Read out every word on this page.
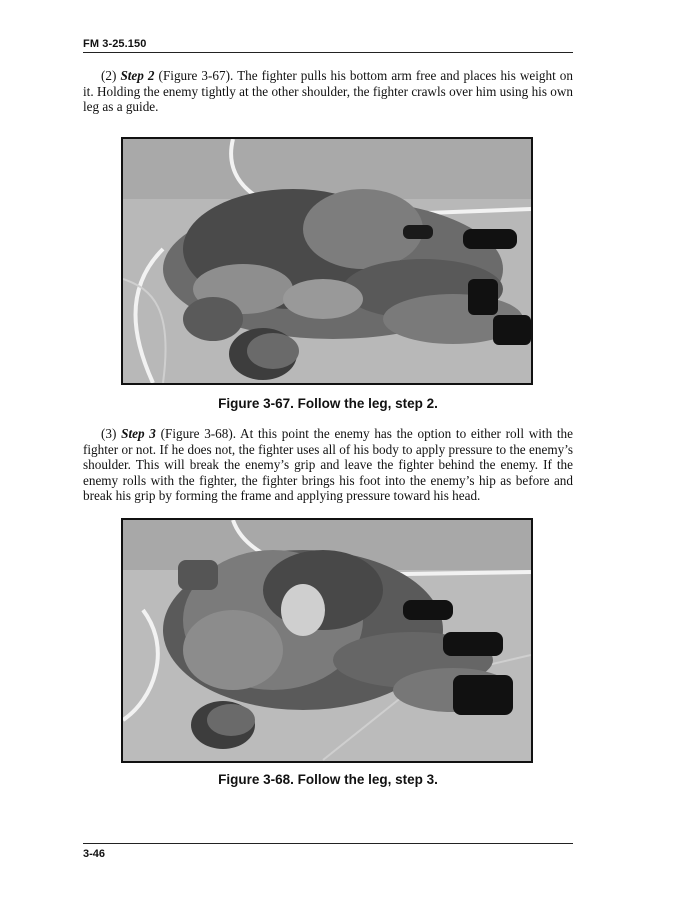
FM 3-25.150
(2) Step 2 (Figure 3-67). The fighter pulls his bottom arm free and places his weight on it. Holding the enemy tightly at the other shoulder, the fighter crawls over him using his own leg as a guide.
Figure 3-67. Follow the leg, step 2.
(3) Step 3 (Figure 3-68). At this point the enemy has the option to either roll with the fighter or not. If he does not, the fighter uses all of his body to apply pressure to the enemy’s shoulder. This will break the enemy’s grip and leave the fighter behind the enemy. If the enemy rolls with the fighter, the fighter brings his foot into the enemy’s hip as before and break his grip by forming the frame and applying pressure toward his head.
Figure 3-68. Follow the leg, step 3.
3-46
